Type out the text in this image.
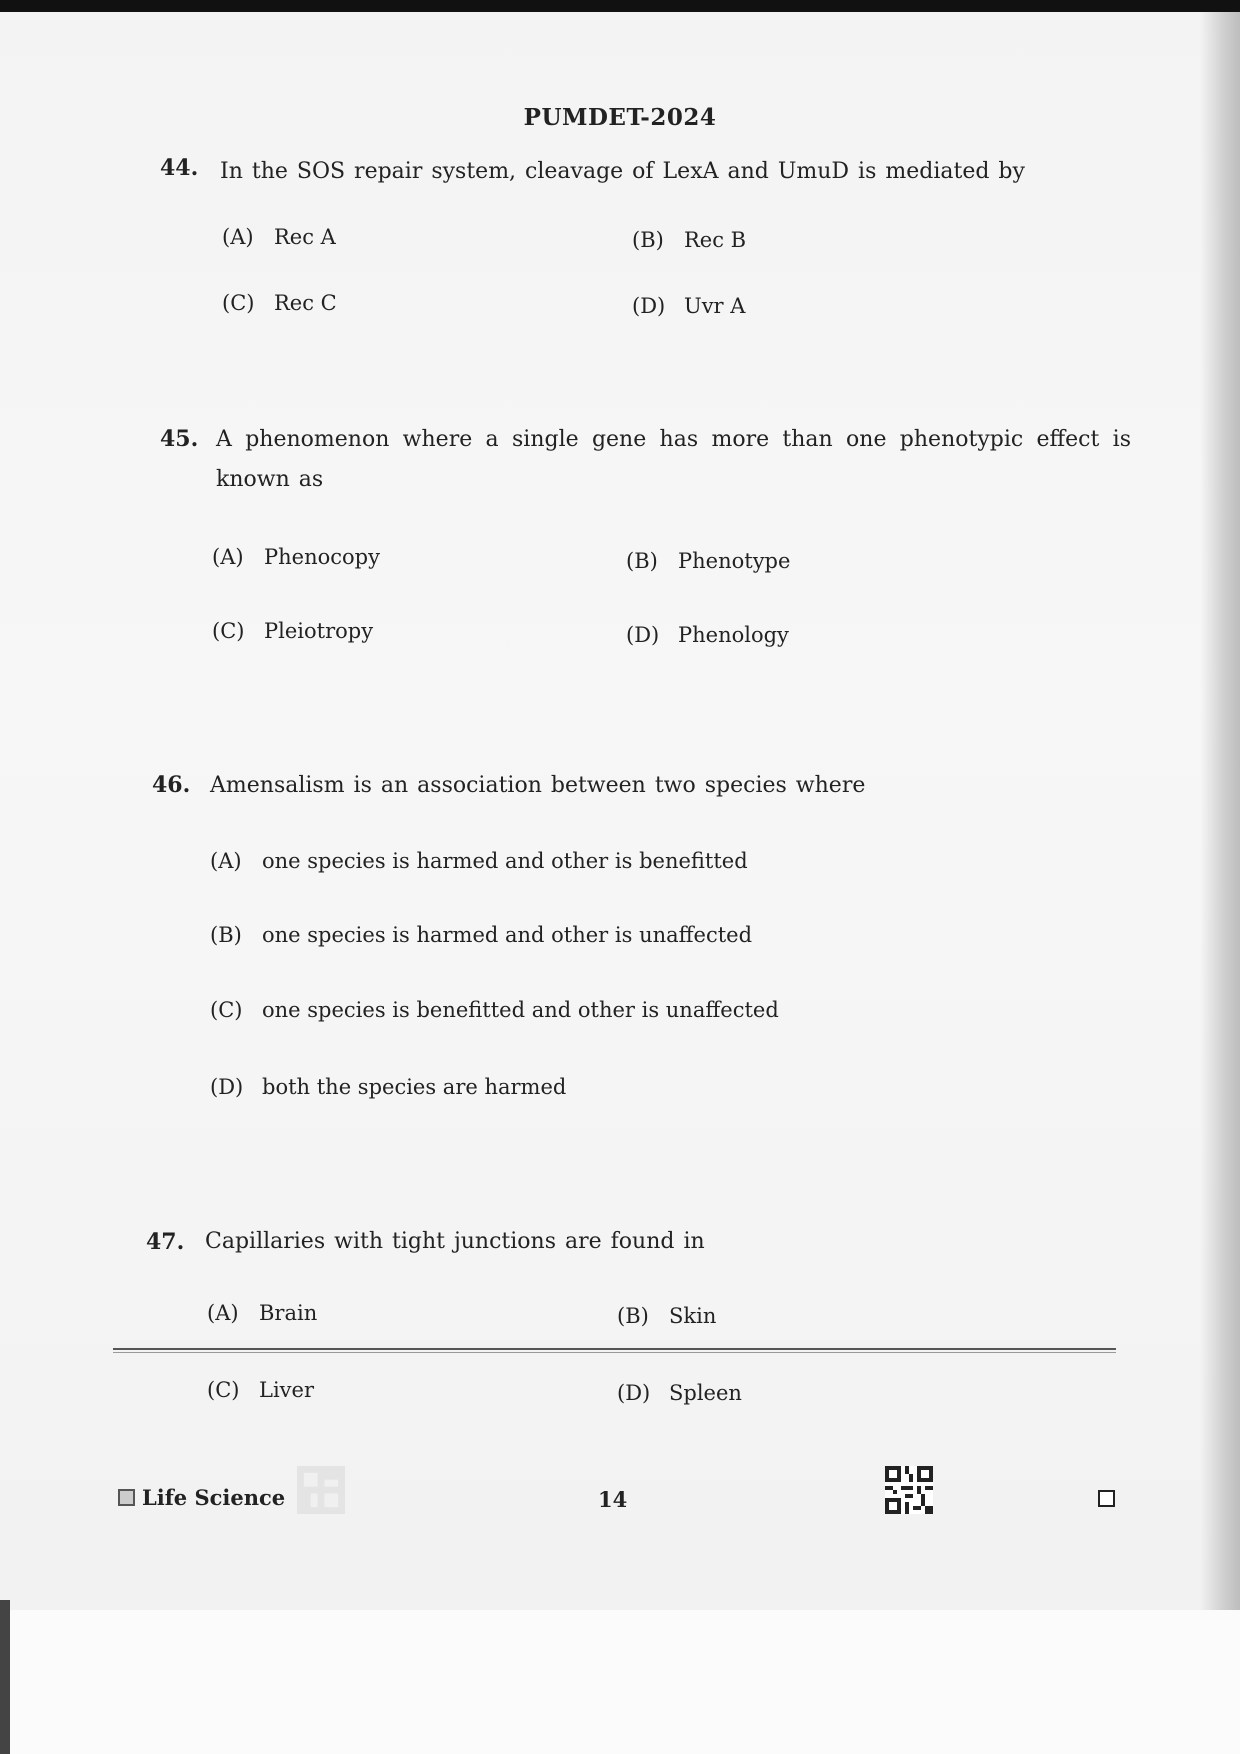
PUMDET-2024
44. In the SOS repair system, cleavage of LexA and UmuD is mediated by
(A) Rec A	(B) Rec B
(C) Rec C	(D) Uvr A
45. A phenomenon where a single gene has more than one phenotypic effect is known as
(A) Phenocopy	(B) Phenotype
(C) Pleiotropy	(D) Phenology
46. Amensalism is an association between two species where
(A) one species is harmed and other is benefitted
(B) one species is harmed and other is unaffected
(C) one species is benefitted and other is unaffected
(D) both the species are harmed
47. Capillaries with tight junctions are found in
(A) Brain	(B) Skin
(C) Liver	(D) Spleen
Life Science	14
